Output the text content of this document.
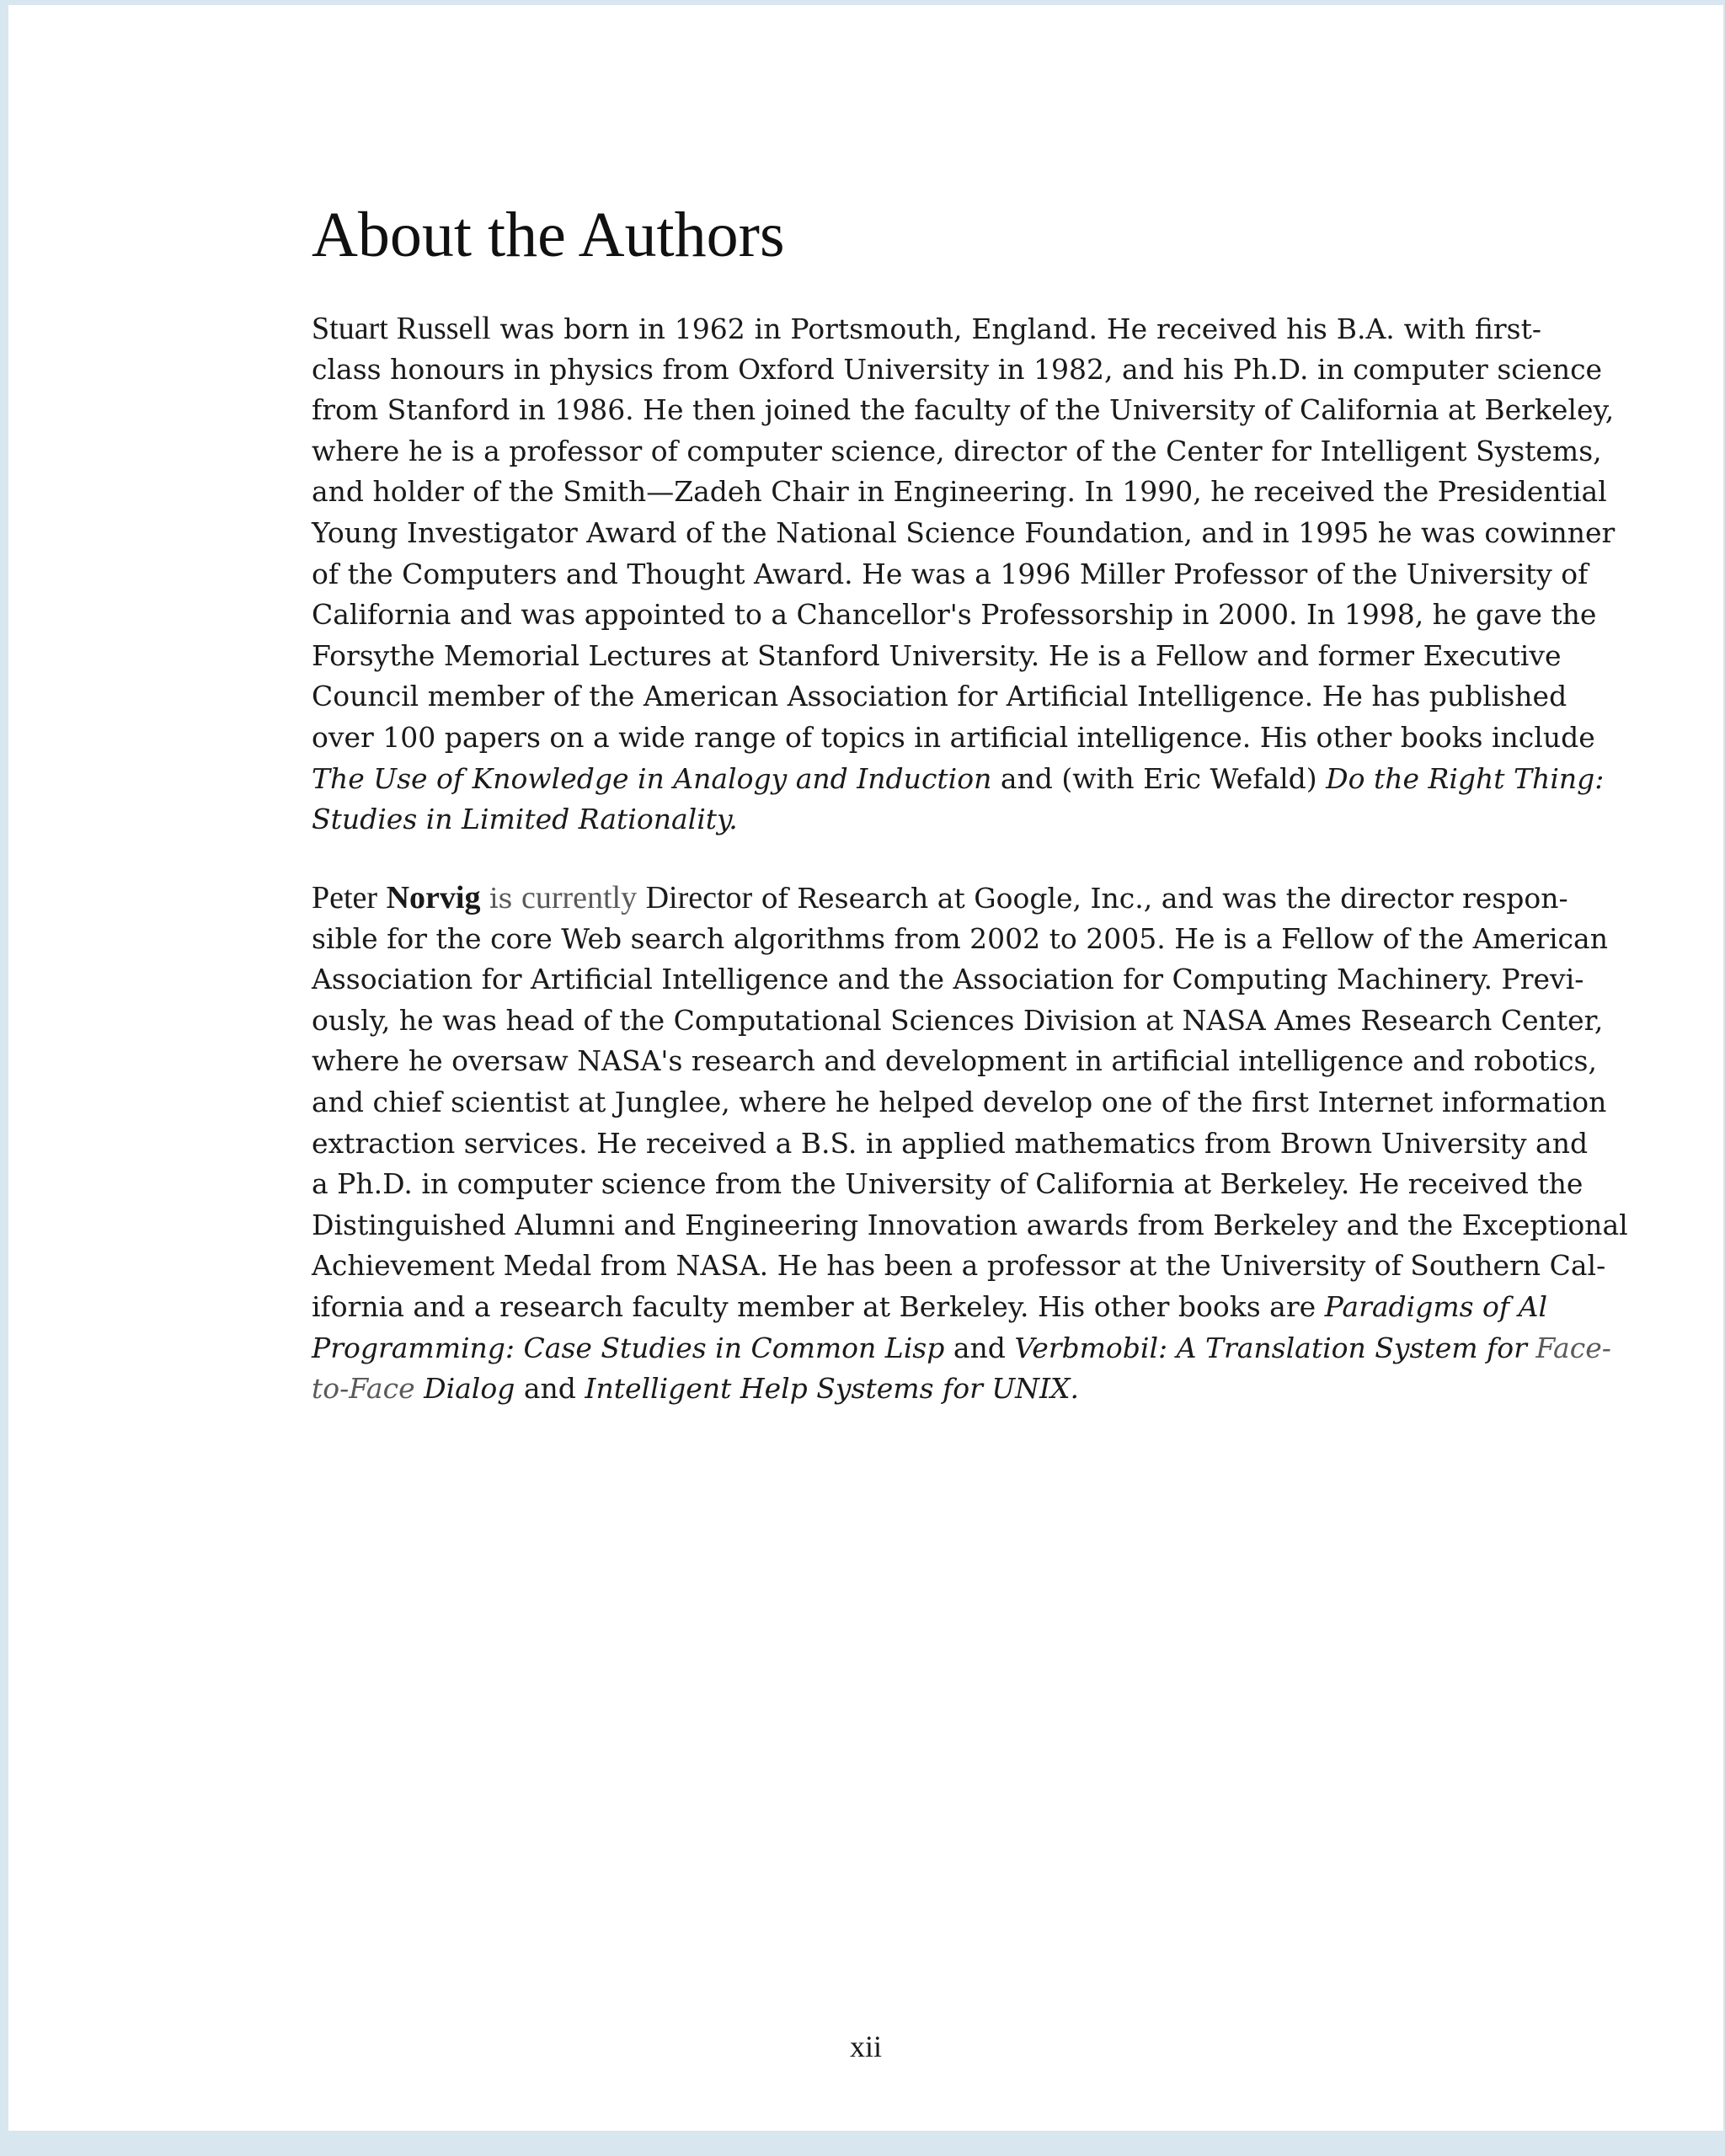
About the Authors
Stuart Russell was born in 1962 in Portsmouth, England. He received his B.A. with first-
class honours in physics from Oxford University in 1982, and his Ph.D. in computer science
from Stanford in 1986. He then joined the faculty of the University of California at Berkeley,
where he is a professor of computer science, director of the Center for Intelligent Systems,
and holder of the Smith—Zadeh Chair in Engineering. In 1990, he received the Presidential
Young Investigator Award of the National Science Foundation, and in 1995 he was cowinner
of the Computers and Thought Award. He was a 1996 Miller Professor of the University of
California and was appointed to a Chancellor's Professorship in 2000. In 1998, he gave the
Forsythe Memorial Lectures at Stanford University. He is a Fellow and former Executive
Council member of the American Association for Artificial Intelligence. He has published
over 100 papers on a wide range of topics in artificial intelligence. His other books include
The Use of Knowledge in Analogy and Induction and (with Eric Wefald) Do the Right Thing:
Studies in Limited Rationality.
Peter Norvig is currently Director of Research at Google, Inc., and was the director respon-
sible for the core Web search algorithms from 2002 to 2005. He is a Fellow of the American
Association for Artificial Intelligence and the Association for Computing Machinery. Previ-
ously, he was head of the Computational Sciences Division at NASA Ames Research Center,
where he oversaw NASA's research and development in artificial intelligence and robotics,
and chief scientist at Junglee, where he helped develop one of the first Internet information
extraction services. He received a B.S. in applied mathematics from Brown University and
a Ph.D. in computer science from the University of California at Berkeley. He received the
Distinguished Alumni and Engineering Innovation awards from Berkeley and the Exceptional
Achievement Medal from NASA. He has been a professor at the University of Southern Cal-
ifornia and a research faculty member at Berkeley. His other books are Paradigms of Al
Programming: Case Studies in Common Lisp and Verbmobil: A Translation System for Face-
to-Face Dialog and Intelligent Help Systems for UNIX.
xii
